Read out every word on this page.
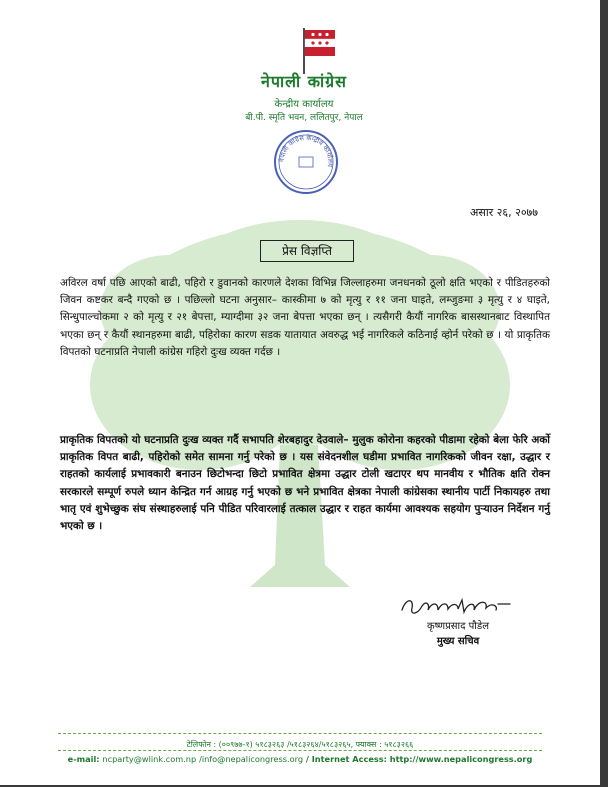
नेपाली कांग्रेस
केन्द्रीय कार्यालय
बी.पी. स्मृति भवन, ललितपुर, नेपाल
नेपाली कांग्रेस केन्द्रीय कार्यालय
असार २६, २०७७
प्रेस विज्ञप्ति

अविरल वर्षा पछि आएको बाढी, पहिरो र डुवानको कारणले देशका विभिन्न जिल्लाहरुमा जनधनको ठूलो क्षति भएको र पीडितहरुको जिवन कष्टकर बन्दै गएको छ । पछिल्लो घटना अनुसार– कास्कीमा ७ को मृत्यु र ११ जना घाइते, लम्जुङमा ३ मृत्यु र ४ घाइते, सिन्धुपाल्चोकमा २ को मृत्यु र २१ बेपत्ता, म्याग्दीमा ३२ जना बेपत्ता भएका छन् । त्यसैगरी कैयौं नागरिक बासस्थानबाट विस्थापित भएका छन् र कैयौं स्थानहरुमा बाढी, पहिरोका कारण सडक यातायात अवरुद्ध भई नागरिकले कठिनाई व्होर्न परेको छ । यो प्राकृतिक विपतको घटनाप्रति नेपाली कांग्रेस गहिरो दुःख व्यक्त गर्दछ ।

प्राकृतिक विपतको यो घटनाप्रति दुःख व्यक्त गर्दै सभापति शेरबहादुर देउवाले– मुलुक कोरोना कहरको पीडामा रहेको बेला फेरि अर्को प्राकृतिक विपत बाढी, पहिरोको समेत सामना गर्नु परेको छ । यस संवेदनशील घडीमा प्रभावित नागरिकको जीवन रक्षा, उद्धार र राहतको कार्यलाई प्रभावकारी बनाउन छिटोभन्दा छिटो प्रभावित क्षेत्रमा उद्धार टोली खटाएर थप मानवीय र भौतिक क्षति रोक्न सरकारले सम्पूर्ण रुपले ध्यान केन्द्रित गर्न आग्रह गर्नु भएको छ भने प्रभावित क्षेत्रका नेपाली कांग्रेसका स्थानीय पार्टी निकायहरु तथा भातृ एवं शुभेच्छुक संघ संस्थाहरुलाई पनि पीडित परिवारलाई तत्काल उद्धार र राहत कार्यमा आवश्यक सहयोग पुर्‍याउन निर्देशन गर्नु भएको छ ।

कृष्णप्रसाद पौडेल
मुख्य सचिव
टेलिफोन : (००९७७-१) ५१८३२६३ /५१८३२६४/५१८३२६५, फ्याक्स : ५१८३२६६
e-mail: ncparty@wlink.com.np /info@nepalicongress.org / Internet Access: http://www.nepalicongress.org
